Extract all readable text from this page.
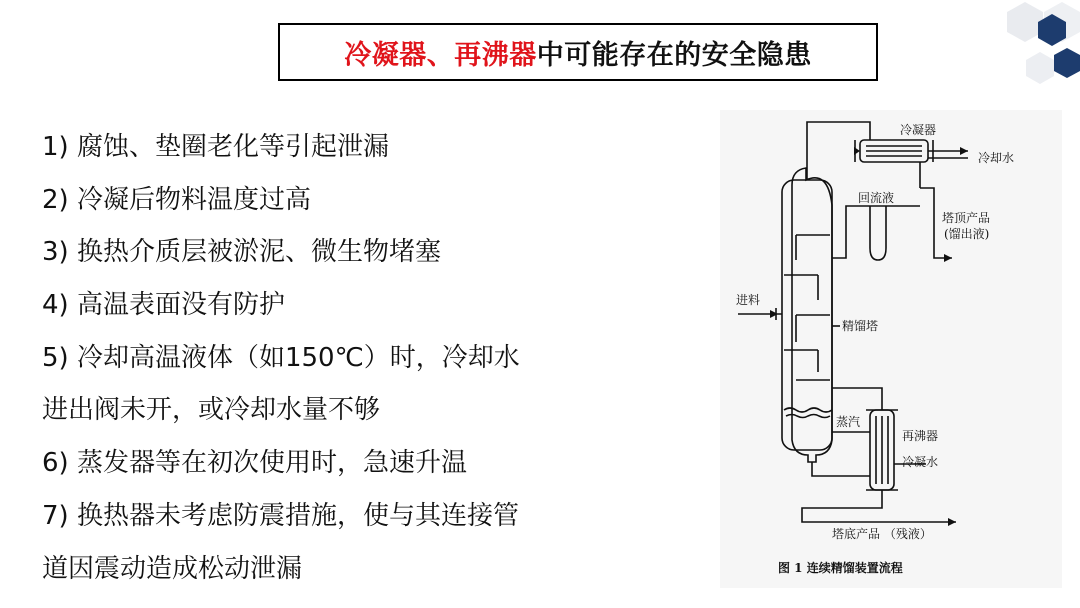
冷凝器、再沸器 中可能存在的安全隐患
1) 腐蚀、垫圈老化等引起泄漏
2) 冷凝后物料温度过高
3) 换热介质层被淤泥、微生物堵塞
4) 高温表面没有防护
5) 冷却高温液体（如150℃）时，冷却水
进出阀未开，或冷却水量不够
6) 蒸发器等在初次使用时，急速升温
7) 换热器未考虑防震措施，使与其连接管
道因震动造成松动泄漏
冷凝器
冷却水
回流液
塔顶产品
(馏出液)
进料
精馏塔
蒸汽
再沸器
冷凝水
塔底产品 （残液）
图 1 连续精馏装置流程
